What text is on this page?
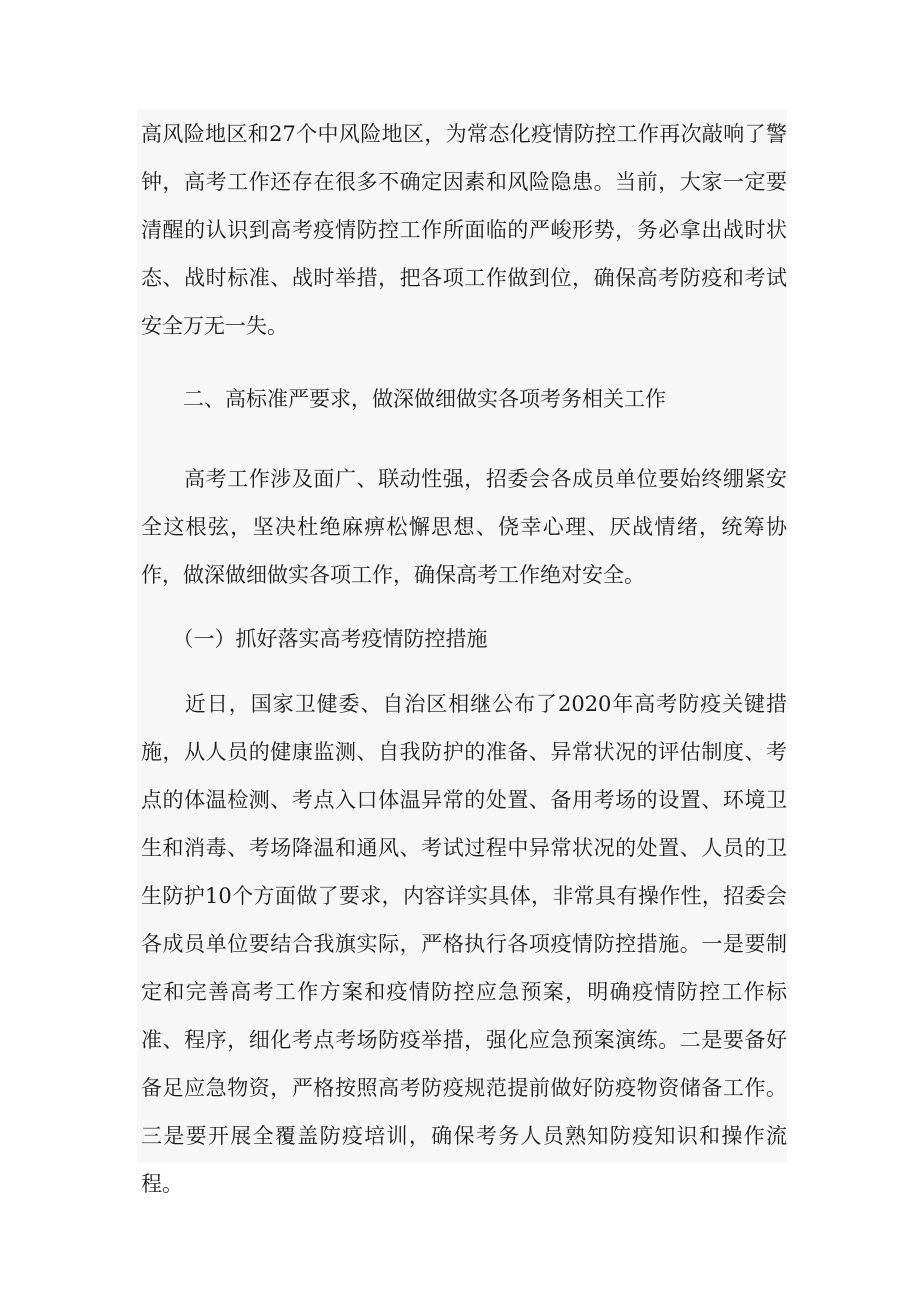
高风险地区和27个中风险地区，为常态化疫情防控工作再次敲响了警钟，高考工作还存在很多不确定因素和风险隐患。当前，大家一定要清醒的认识到高考疫情防控工作所面临的严峻形势，务必拿出战时状态、战时标准、战时举措，把各项工作做到位，确保高考防疫和考试安全万无一失。

　　二、高标准严要求，做深做细做实各项考务相关工作

　　高考工作涉及面广、联动性强，招委会各成员单位要始终绷紧安全这根弦，坚决杜绝麻痹松懈思想、侥幸心理、厌战情绪，统筹协作，做深做细做实各项工作，确保高考工作绝对安全。

　　（一）抓好落实高考疫情防控措施

　　近日，国家卫健委、自治区相继公布了2020年高考防疫关键措施，从人员的健康监测、自我防护的准备、异常状况的评估制度、考点的体温检测、考点入口体温异常的处置、备用考场的设置、环境卫生和消毒、考场降温和通风、考试过程中异常状况的处置、人员的卫生防护10个方面做了要求，内容详实具体，非常具有操作性，招委会各成员单位要结合我旗实际，严格执行各项疫情防控措施。一是要制定和完善高考工作方案和疫情防控应急预案，明确疫情防控工作标准、程序，细化考点考场防疫举措，强化应急预案演练。二是要备好备足应急物资，严格按照高考防疫规范提前做好防疫物资储备工作。三是要开展全覆盖防疫培训，确保考务人员熟知防疫知识和操作流程。
